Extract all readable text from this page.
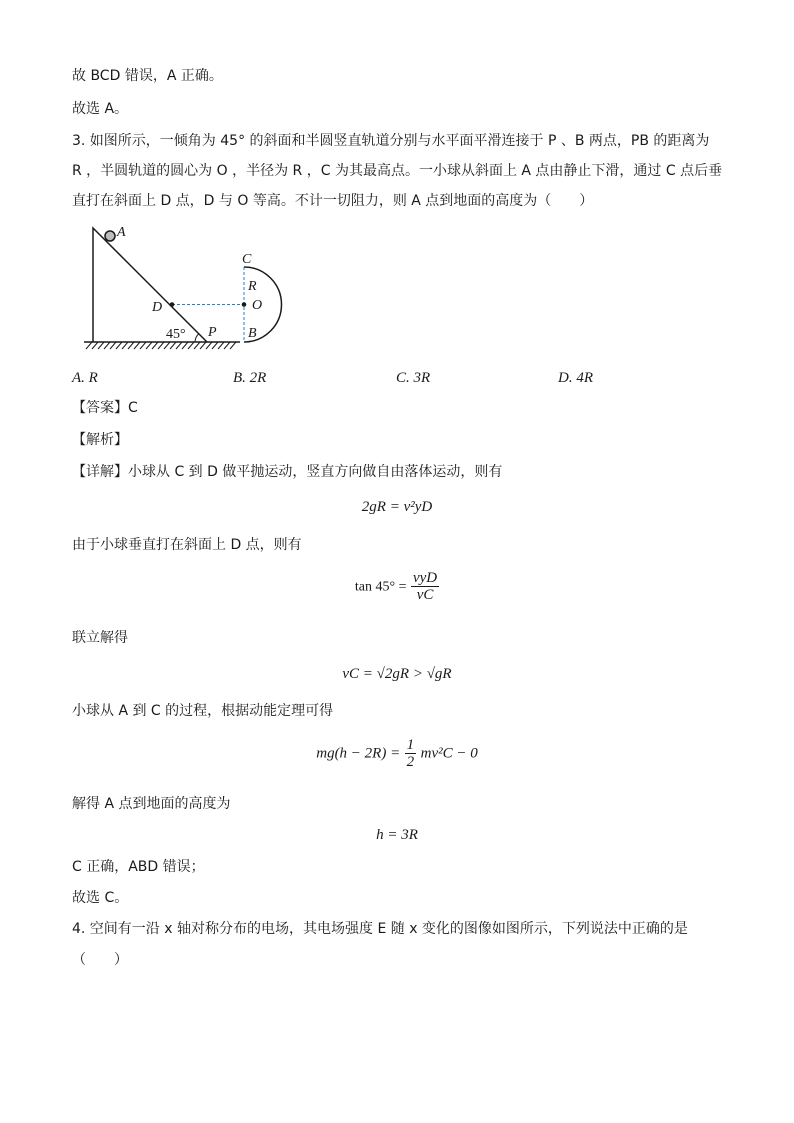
故 BCD 错误，A 正确。
故选 A。
3. 如图所示，一倾角为 45° 的斜面和半圆竖直轨道分别与水平面平滑连接于 P 、B 两点，PB 的距离为
R ，半圆轨道的圆心为 O ，半径为 R ，C 为其最高点。一小球从斜面上 A 点由静止下滑，通过 C 点后垂
直打在斜面上 D 点，D 与 O 等高。不计一切阻力，则 A 点到地面的高度为（　　）
A
C
R
O
D
B
P
45°
A. R	B. 2R	C. 3R	D. 4R
【答案】C
【解析】
【详解】小球从 C 到 D 做平抛运动，竖直方向做自由落体运动，则有
2gR = v²yD
由于小球垂直打在斜面上 D 点，则有
$\tan 45^\circ = \frac{\text{vyD}}{vC}$
联立解得
vC = √2gR > √gR
小球从 A 到 C 的过程，根据动能定理可得
$mg(h - 2R) = \frac{1}{2} mv^2C - 0$
解得 A 点到地面的高度为
h = 3R
C 正确，ABD 错误；
故选 C。
4. 空间有一沿 x 轴对称分布的电场，其电场强度 E 随 x 变化的图像如图所示，下列说法中正确的是
（　　）
